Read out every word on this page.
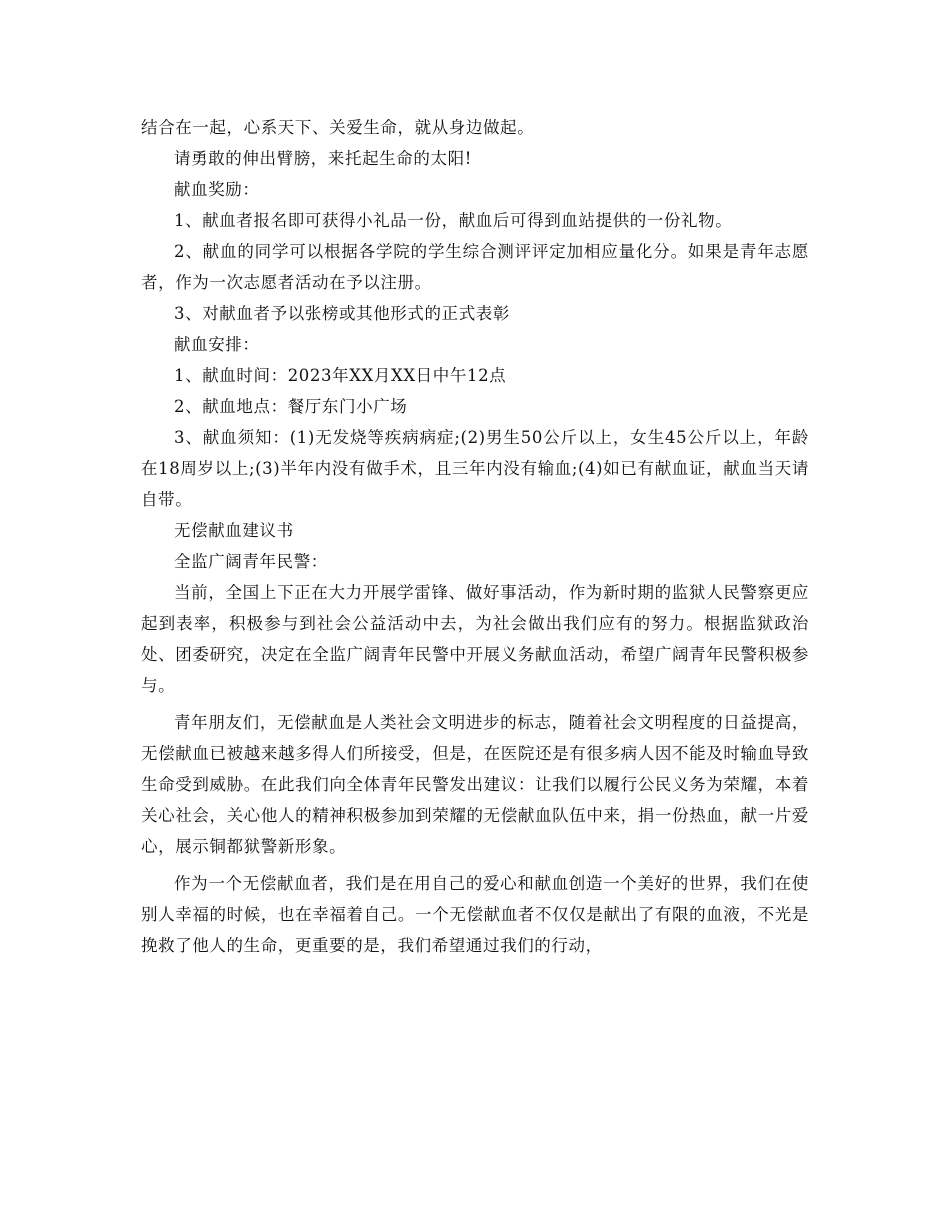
结合在一起，心系天下、关爱生命，就从身边做起。

请勇敢的伸出臂膀，来托起生命的太阳!

献血奖励：

1、献血者报名即可获得小礼品一份，献血后可得到血站提供的一份礼物。

2、献血的同学可以根据各学院的学生综合测评评定加相应量化分。如果是青年志愿者，作为一次志愿者活动在予以注册。

3、对献血者予以张榜或其他形式的正式表彰

献血安排：

1、献血时间：2023年XX月XX日中午12点

2、献血地点：餐厅东门小广场

3、献血须知：(1)无发烧等疾病病症;(2)男生50公斤以上，女生45公斤以上，年龄在18周岁以上;(3)半年内没有做手术，且三年内没有输血;(4)如已有献血证，献血当天请自带。

无偿献血建议书

全监广阔青年民警：

当前，全国上下正在大力开展学雷锋、做好事活动，作为新时期的监狱人民警察更应起到表率，积极参与到社会公益活动中去，为社会做出我们应有的努力。根据监狱政治处、团委研究，决定在全监广阔青年民警中开展义务献血活动，希望广阔青年民警积极参与。

青年朋友们，无偿献血是人类社会文明进步的标志，随着社会文明程度的日益提高，无偿献血已被越来越多得人们所接受，但是，在医院还是有很多病人因不能及时输血导致生命受到威胁。在此我们向全体青年民警发出建议：让我们以履行公民义务为荣耀，本着关心社会，关心他人的精神积极参加到荣耀的无偿献血队伍中来，捐一份热血，献一片爱心，展示铜都狱警新形象。

作为一个无偿献血者，我们是在用自己的爱心和献血创造一个美好的世界，我们在使别人幸福的时候，也在幸福着自己。一个无偿献血者不仅仅是献出了有限的血液，不光是挽救了他人的生命，更重要的是，我们希望通过我们的行动，
